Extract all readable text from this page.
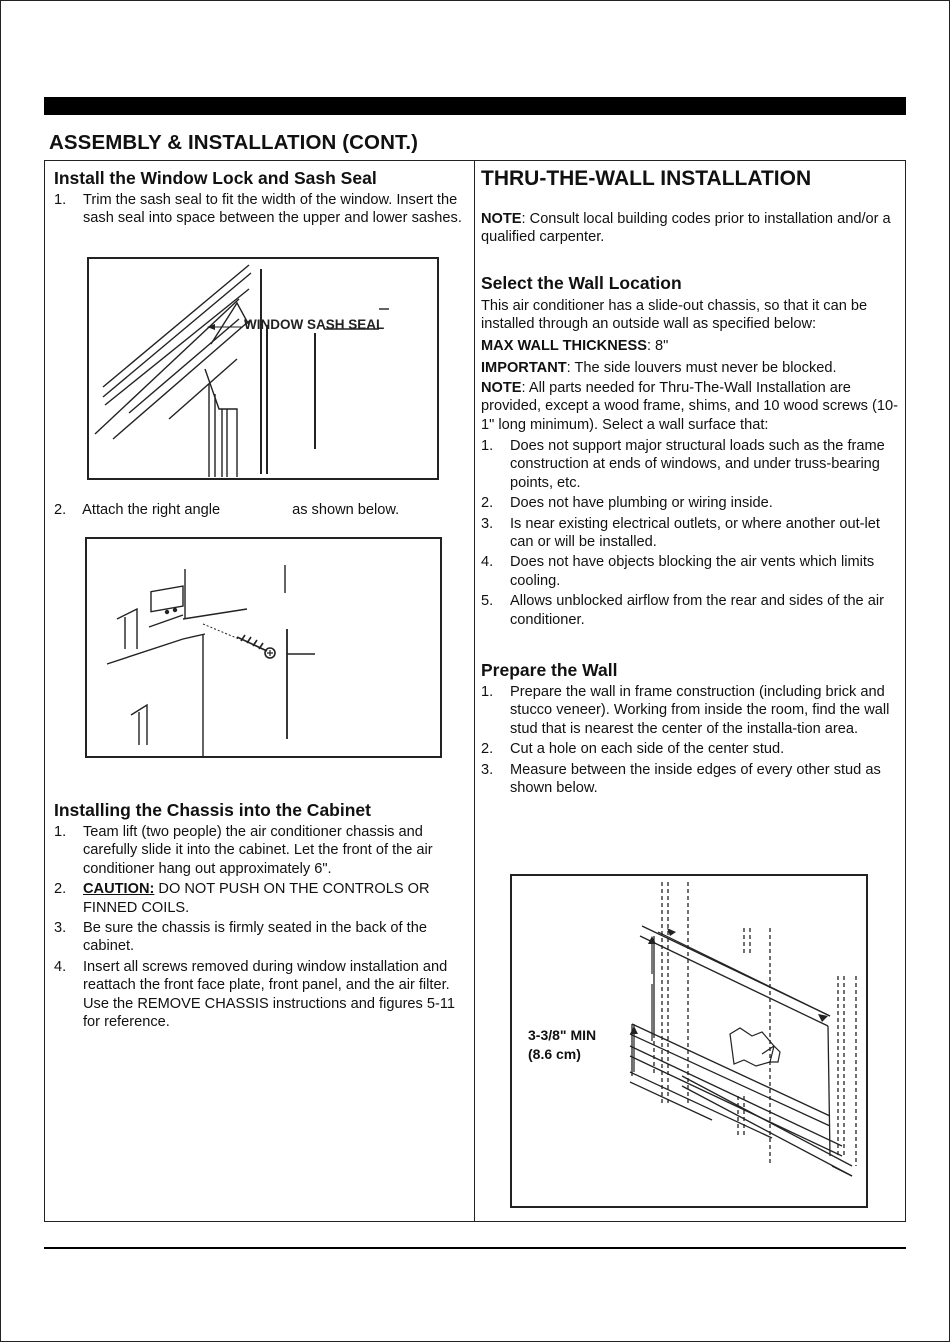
ASSEMBLY & INSTALLATION (CONT.)
Install the Window Lock and Sash Seal
1. Trim the sash seal to fit the width of the window. Insert the sash seal into space between the upper and lower sashes.
WINDOW SASH SEAL

2. Attach the right angle	as shown below.

Installing the Chassis into the Cabinet
1. Team lift (two people) the air conditioner chassis and carefully slide it into the cabinet. Let the front of the air conditioner hang out approximately 6".
2. CAUTION: DO NOT PUSH ON THE CONTROLS OR FINNED COILS.
3. Be sure the chassis is firmly seated in the back of the cabinet.
4. Insert all screws removed during window installation and reattach the front face plate, front panel, and the air filter. Use the REMOVE CHASSIS instructions and figures 5-11 for reference.
THRU-THE-WALL INSTALLATION

NOTE: Consult local building codes prior to installation and/or a qualified carpenter.

Select the Wall Location

This air conditioner has a slide-out chassis, so that it can be installed through an outside wall as specified below:

MAX WALL THICKNESS: 8"

IMPORTANT: The side louvers must never be blocked.

NOTE: All parts needed for Thru-The-Wall Installation are provided, except a wood frame, shims, and 10 wood screws (10-1" long minimum). Select a wall surface that:

1. Does not support major structural loads such as the frame construction at ends of windows, and under truss-bearing points, etc.
2. Does not have plumbing or wiring inside.
3. Is near existing electrical outlets, or where another out-let can or will be installed.
4. Does not have objects blocking the air vents which limits cooling.
5. Allows unblocked airflow from the rear and sides of the air conditioner.
Prepare the Wall
1. Prepare the wall in frame construction (including brick and stucco veneer). Working from inside the room, find the wall stud that is nearest the center of the installa-tion area.
2. Cut a hole on each side of the center stud.
3. Measure between the inside edges of every other stud as shown below.
3-3/8" MIN
(8.6 cm)
